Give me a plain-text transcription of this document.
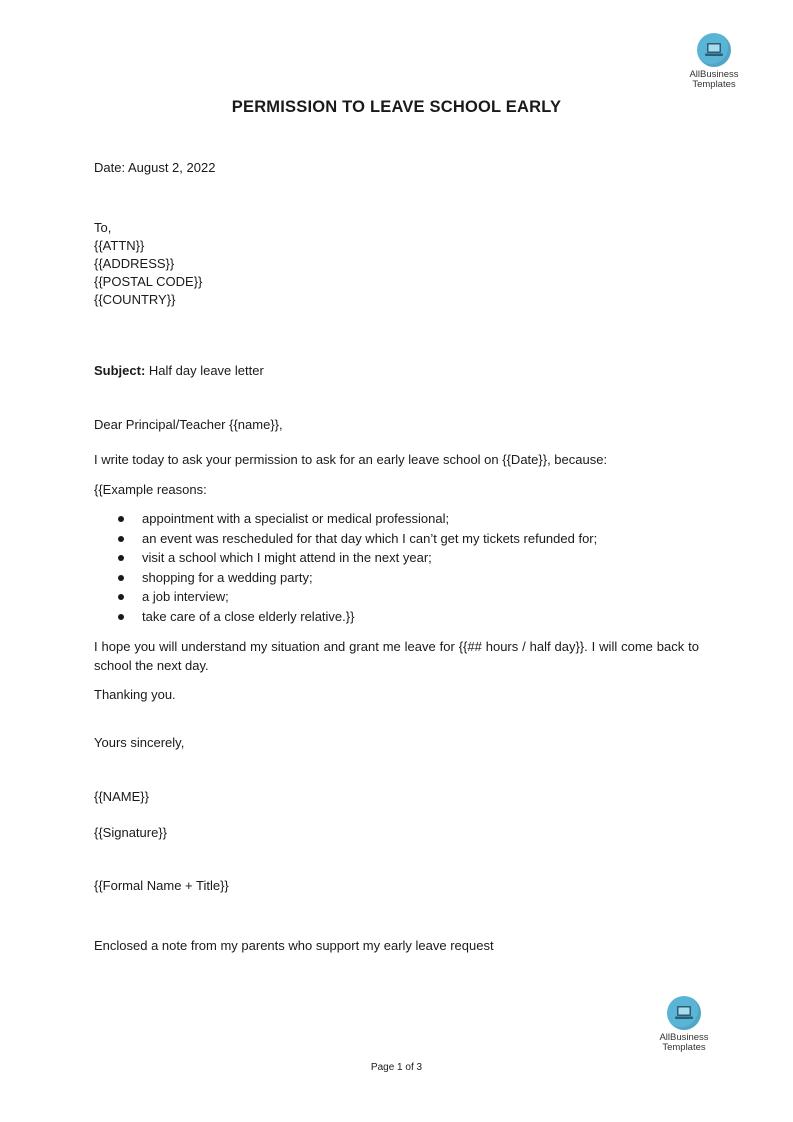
AllBusiness
Templates
PERMISSION TO LEAVE SCHOOL EARLY
Date: August 2, 2022
To,
{{ATTN}}
{{ADDRESS}}
{{POSTAL CODE}}
{{COUNTRY}}
Subject: Half day leave letter
Dear Principal/Teacher {{name}},
I write today to ask your permission to ask for an early leave school on {{Date}}, because:
{{Example reasons:
appointment with a specialist or medical professional;
an event was rescheduled for that day which I can’t get my tickets refunded for;
visit a school which I might attend in the next year;
shopping for a wedding party;
a job interview;
take care of a close elderly relative.}}
I hope you will understand my situation and grant me leave for {{## hours / half day}}. I will come back to school the next day.
Thanking you.
Yours sincerely,
{{NAME}}
{{Signature}}
{{Formal Name + Title}}
Enclosed a note from my parents who support my early leave request
AllBusiness
Templates
Page 1 of 3
